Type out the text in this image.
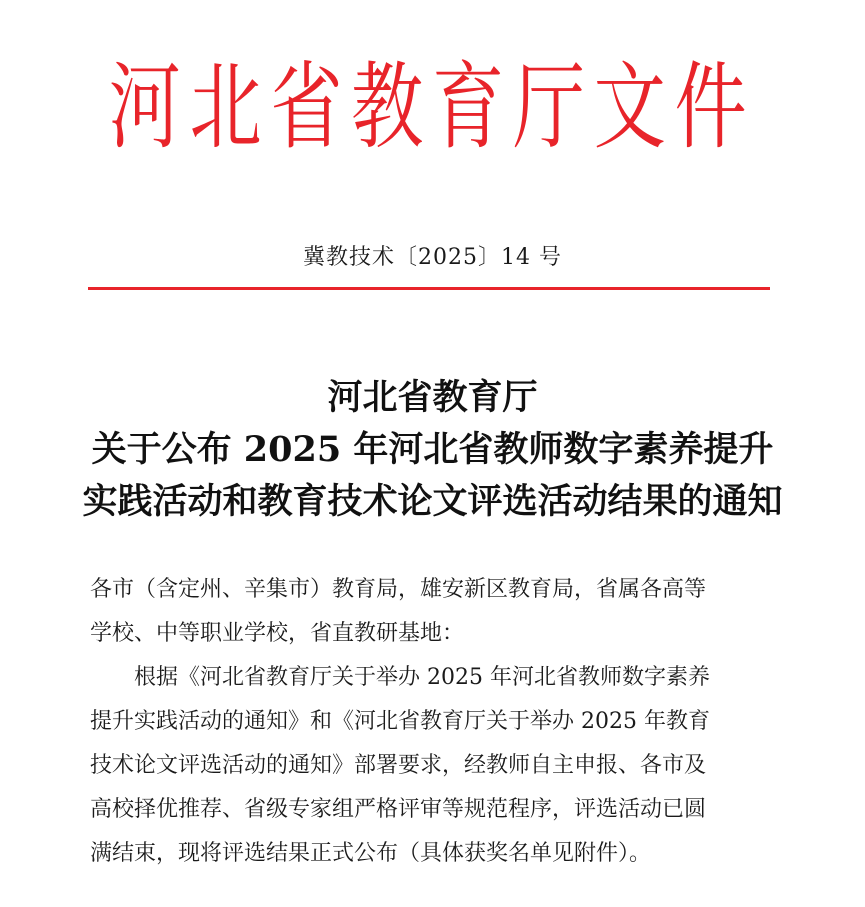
河北省教育厅文件
冀教技术〔2025〕14 号
河北省教育厅
关于公布 2025 年河北省教师数字素养提升
实践活动和教育技术论文评选活动结果的通知
各市（含定州、辛集市）教育局，雄安新区教育局，省属各高等
学校、中等职业学校，省直教研基地：
根据《河北省教育厅关于举办 2025 年河北省教师数字素养
提升实践活动的通知》和《河北省教育厅关于举办 2025 年教育
技术论文评选活动的通知》部署要求，经教师自主申报、各市及
高校择优推荐、省级专家组严格评审等规范程序，评选活动已圆
满结束，现将评选结果正式公布（具体获奖名单见附件）。
